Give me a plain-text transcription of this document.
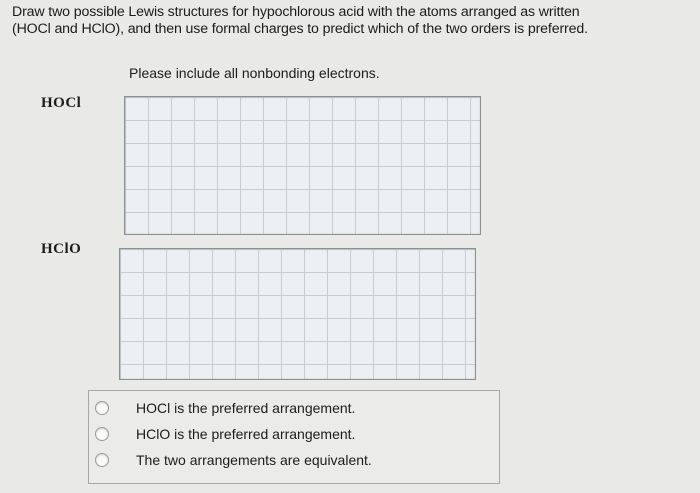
Draw two possible Lewis structures for hypochlorous acid with the atoms arranged as written
(HOCl and HClO), and then use formal charges to predict which of the two orders is preferred.
Please include all nonbonding electrons.
HOCl
HClO
HOCl is the preferred arrangement.
HClO is the preferred arrangement.
The two arrangements are equivalent.
